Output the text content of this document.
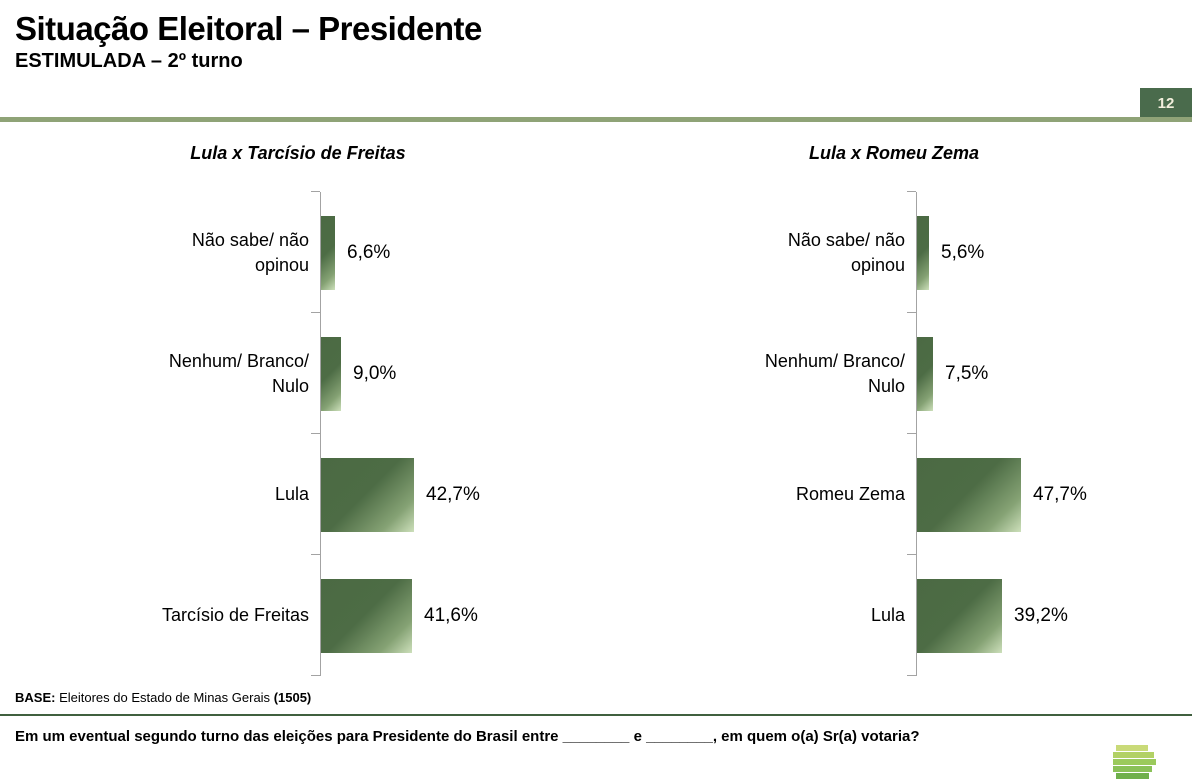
Situação Eleitoral – Presidente
ESTIMULADA – 2º turno
12
Lula x Tarcísio de Freitas
Não sabe/ não opinou
6,6%
Nenhum/ Branco/ Nulo
9,0%
Lula	42,7%
Tarcísio de Freitas	41,6%
Lula x Romeu Zema
Não sabe/ não opinou
5,6%
Nenhum/ Branco/ Nulo
7,5%
Romeu Zema	47,7%
Lula	39,2%
BASE: Eleitores do Estado de Minas Gerais (1505)
Em um eventual segundo turno das eleições para Presidente do Brasil entre ________ e ________, em quem o(a) Sr(a) votaria?
